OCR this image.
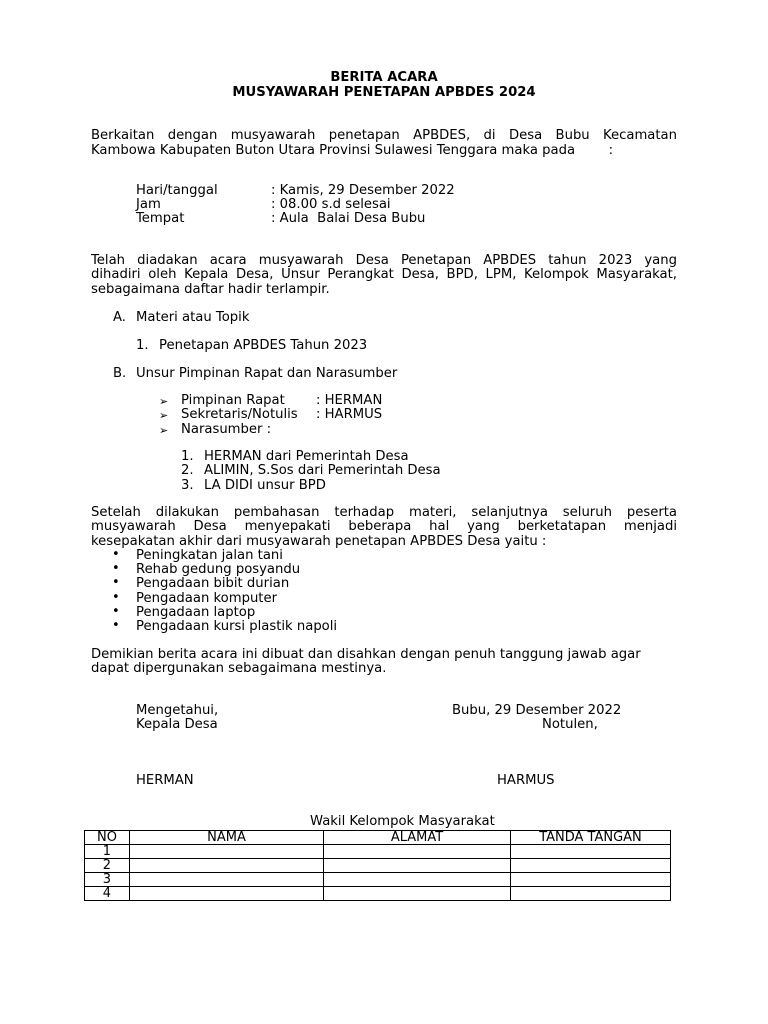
BERITA ACARA
MUSYAWARAH PENETAPAN APBDES 2024
Berkaitan dengan musyawarah penetapan APBDES, di Desa Bubu Kecamatan
Kambowa Kabupaten Buton Utara Provinsi Sulawesi Tenggara maka pada        :
Hari/tanggal	: Kamis, 29 Desember 2022
Jam	: 08.00 s.d selesai
Tempat	: Aula  Balai Desa Bubu
Telah diadakan acara musyawarah Desa Penetapan APBDES tahun 2023 yang
dihadiri oleh Kepala Desa, Unsur Perangkat Desa, BPD, LPM, Kelompok Masyarakat,
sebagaimana daftar hadir terlampir.
A. Materi atau Topik
1. Penetapan APBDES Tahun 2023
B. Unsur Pimpinan Rapat dan Narasumber
➢ Pimpinan Rapat : HERMAN
➢ Sekretaris/Notulis : HARMUS
➢ Narasumber :
1. HERMAN dari Pemerintah Desa
2. ALIMIN, S.Sos dari Pemerintah Desa
3. LA DIDI unsur BPD
Setelah dilakukan pembahasan terhadap materi, selanjutnya seluruh peserta
musyawarah Desa menyepakati beberapa hal yang berketatapan menjadi
kesepakatan akhir dari musyawarah penetapan APBDES Desa yaitu :
• Peningkatan jalan tani
• Rehab gedung posyandu
• Pengadaan bibit durian
• Pengadaan komputer
• Pengadaan laptop
• Pengadaan kursi plastik napoli
Demikian berita acara ini dibuat dan disahkan dengan penuh tanggung jawab agar
dapat dipergunakan sebagaimana mestinya.
Mengetahui,
Kepala Desa
Bubu, 29 Desember 2022
Notulen,
HERMAN	HARMUS
Wakil Kelompok Masyarakat
NO	NAMA	ALAMAT	TANDA TANGAN
1			
2			
3			
4			
